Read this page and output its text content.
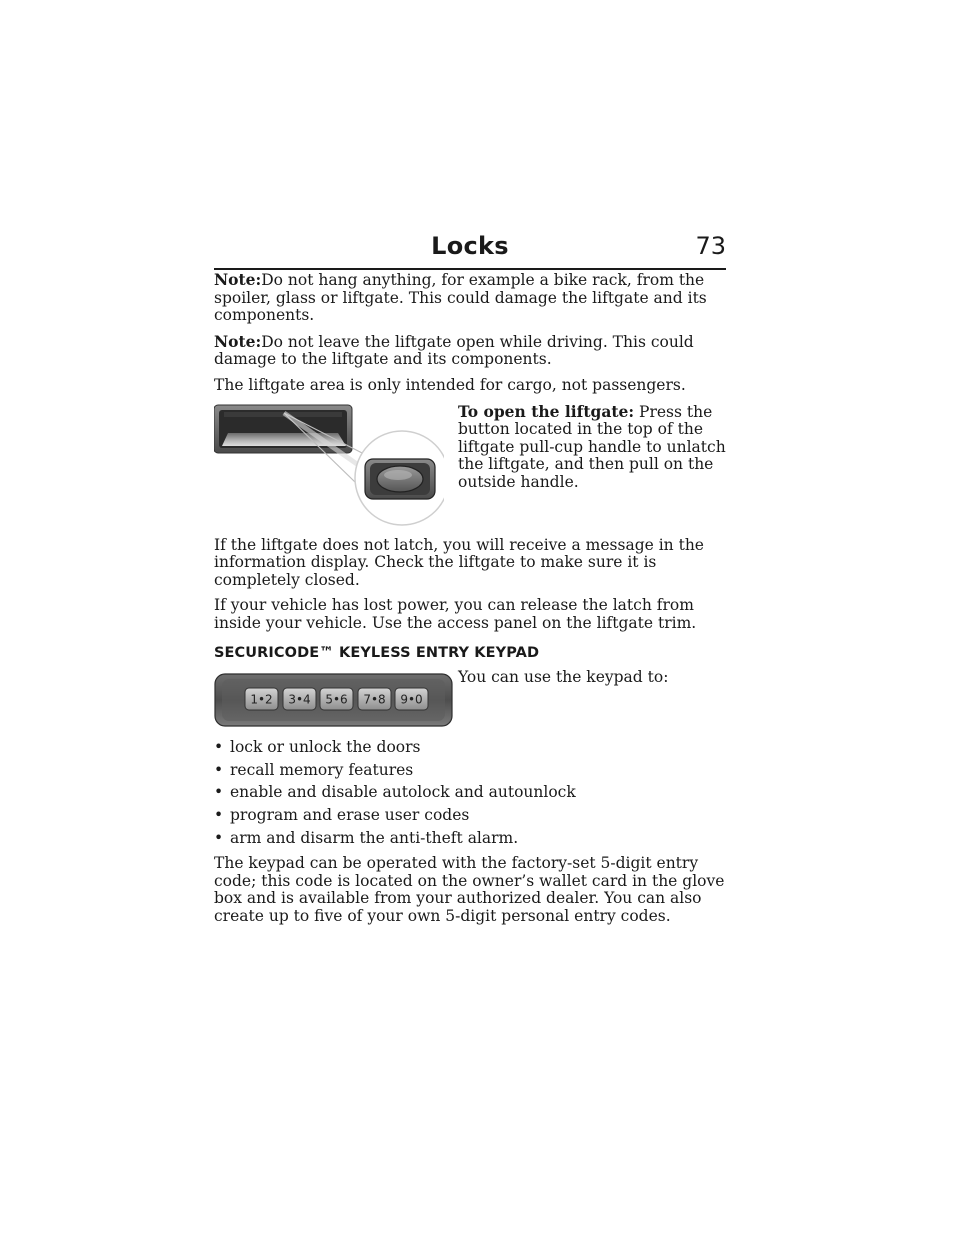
Locks	73

Note:Do not hang anything, for example a bike rack, from the spoiler, glass or liftgate. This could damage the liftgate and its components.

Note:Do not leave the liftgate open while driving. This could damage to the liftgate and its components.

The liftgate area is only intended for cargo, not passengers.

To open the liftgate: Press the button located in the top of the liftgate pull-cup handle to unlatch the liftgate, and then pull on the outside handle.

If the liftgate does not latch, you will receive a message in the information display. Check the liftgate to make sure it is completely closed.

If your vehicle has lost power, you can release the latch from inside your vehicle. Use the access panel on the liftgate trim.

SECURICODE™ KEYLESS ENTRY KEYPAD
1•2 3•4 5•6 7•8 9•0
You can use the keypad to:
• lock or unlock the doors
• recall memory features
• enable and disable autolock and autounlock
• program and erase user codes
• arm and disarm the anti-theft alarm.

The keypad can be operated with the factory-set 5-digit entry code; this code is located on the owner’s wallet card in the glove box and is available from your authorized dealer. You can also create up to five of your own 5-digit personal entry codes.
